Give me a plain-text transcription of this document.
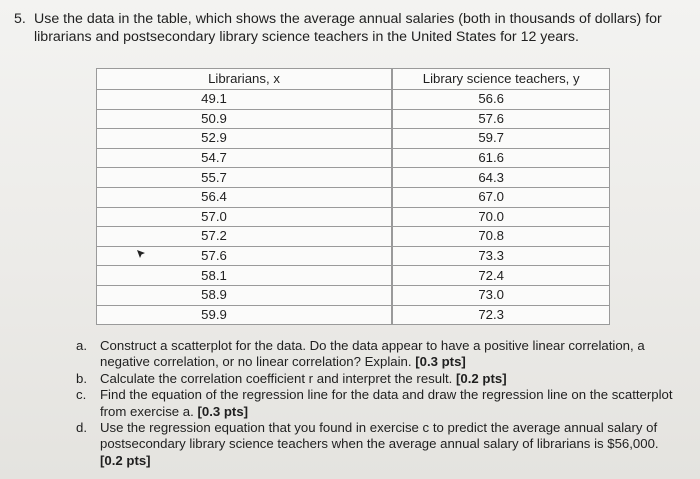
5. Use the data in the table, which shows the average annual salaries (both in thousands of dollars) for librarians and postsecondary library science teachers in the United States for 12 years.
Librarians, x		Library science teachers, y
49.1		56.6
50.9		57.6
52.9		59.7
54.7		61.6
55.7		64.3
56.4		67.0
57.0		70.0
57.2		70.8
57.6		73.3
58.1		72.4
58.9		73.0
59.9		72.3
a. Construct a scatterplot for the data. Do the data appear to have a positive linear correlation, a negative correlation, or no linear correlation? Explain. [0.3 pts]
b. Calculate the correlation coefficient r and interpret the result. [0.2 pts]
c. Find the equation of the regression line for the data and draw the regression line on the scatterplot from exercise a. [0.3 pts]
d. Use the regression equation that you found in exercise c to predict the average annual salary of postsecondary library science teachers when the average annual salary of librarians is $56,000. [0.2 pts]
